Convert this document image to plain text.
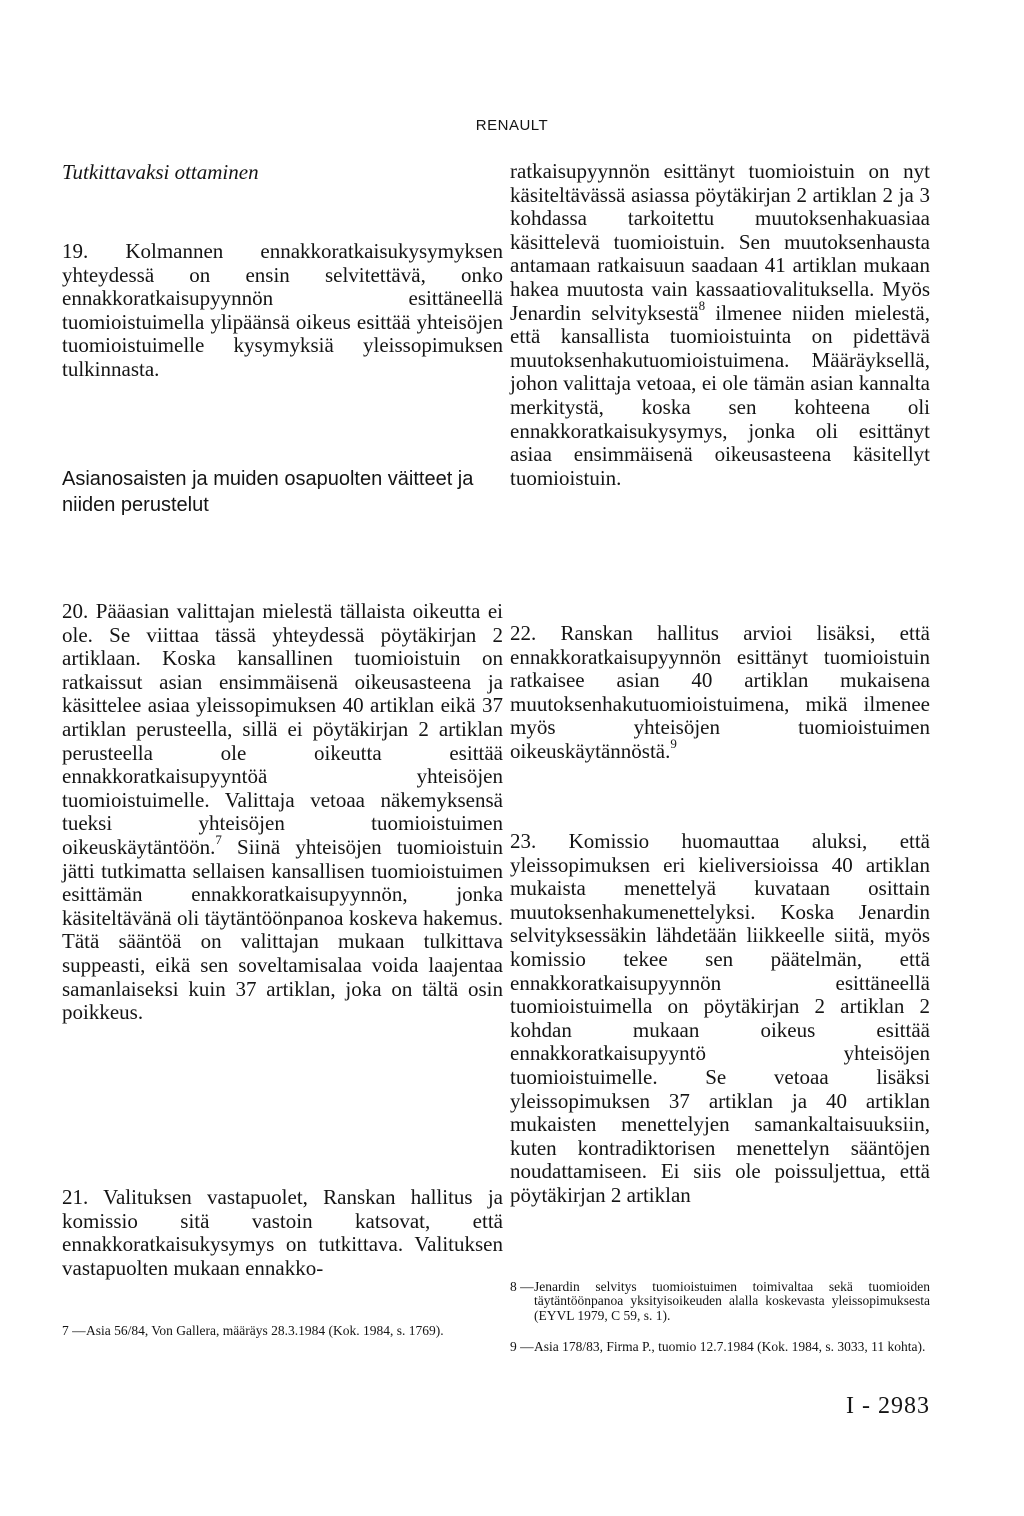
RENAULT
Tutkittavaksi ottaminen

19. Kolmannen ennakkoratkaisukysymyksen yhteydessä on ensin selvitettävä, onko ennakkoratkaisupyynnön esittäneellä tuomioistuimella ylipäänsä oikeus esittää yhteisöjen tuomioistuimelle kysymyksiä yleissopimuksen tulkinnasta.

Asianosaisten ja muiden osapuolten väitteet ja niiden perustelut

20. Pääasian valittajan mielestä tällaista oikeutta ei ole. Se viittaa tässä yhteydessä pöytäkirjan 2 artiklaan. Koska kansallinen tuomioistuin on ratkaissut asian ensimmäisenä oikeusasteena ja käsittelee asiaa yleissopimuksen 40 artiklan eikä 37 artiklan perusteella, sillä ei pöytäkirjan 2 artiklan perusteella ole oikeutta esittää ennakkoratkaisupyyntöä yhteisöjen tuomioistuimelle. Valittaja vetoaa näkemyksensä tueksi yhteisöjen tuomioistuimen oikeuskäytäntöön.$^7$ Siinä yhteisöjen tuomioistuin jätti tutkimatta sellaisen kansallisen tuomioistuimen esittämän ennakkoratkaisupyynnön, jonka käsiteltävänä oli täytäntöönpanoa koskeva hakemus. Tätä sääntöä on valittajan mukaan tulkittava suppeasti, eikä sen soveltamisalaa voida laajentaa samanlaiseksi kuin 37 artiklan, joka on tältä osin poikkeus.

21. Valituksen vastapuolet, Ranskan hallitus ja komissio sitä vastoin katsovat, että ennakkoratkaisukysymys on tutkittava. Valituksen vastapuolten mukaan ennakko-

7 — Asia 56/84, Von Gallera, määräys 28.3.1984 (Kok. 1984, s. 1769).

ratkaisupyynnön esittänyt tuomioistuin on nyt käsiteltävässä asiassa pöytäkirjan 2 artiklan 2 ja 3 kohdassa tarkoitettu muutoksenhakuasiaa käsittelevä tuomioistuin. Sen muutoksenhausta antamaan ratkaisuun saadaan 41 artiklan mukaan hakea muutosta vain kassaatiovalituksella. Myös Jenardin selvityksestä$^8$ ilmenee niiden mielestä, että kansallista tuomioistuinta on pidettävä muutoksenhakutuomioistuimena. Määräyksellä, johon valittaja vetoaa, ei ole tämän asian kannalta merkitystä, koska sen kohteena oli ennakkoratkaisukysymys, jonka oli esittänyt asiaa ensimmäisenä oikeusasteena käsitellyt tuomioistuin.

22. Ranskan hallitus arvioi lisäksi, että ennakkoratkaisupyynnön esittänyt tuomioistuin ratkaisee asian 40 artiklan mukaisena muutoksenhakutuomioistuimena, mikä ilmenee myös yhteisöjen tuomioistuimen oikeuskäytännöstä.$^9$

23. Komissio huomauttaa aluksi, että yleissopimuksen eri kieliversioissa 40 artiklan mukaista menettelyä kuvataan osittain muutoksenhakumenettelyksi. Koska Jenardin selvityksessäkin lähdetään liikkeelle siitä, myös komissio tekee sen päätelmän, että ennakkoratkaisupyynnön esittäneellä tuomioistuimella on pöytäkirjan 2 artiklan 2 kohdan mukaan oikeus esittää ennakkoratkaisupyyntö yhteisöjen tuomioistuimelle. Se vetoaa lisäksi yleissopimuksen 37 artiklan ja 40 artiklan mukaisten menettelyjen samankaltaisuuksiin, kuten kontradiktorisen menettelyn sääntöjen noudattamiseen. Ei siis ole poissuljettua, että pöytäkirjan 2 artiklan

8 — Jenardin selvitys tuomioistuimen toimivaltaa sekä tuomioiden täytäntöönpanoa yksityisoikeuden alalla koskevasta yleissopimuksesta (EYVL 1979, C 59, s. 1).
9 — Asia 178/83, Firma P., tuomio 12.7.1984 (Kok. 1984, s. 3033, 11 kohta).
I - 2983
